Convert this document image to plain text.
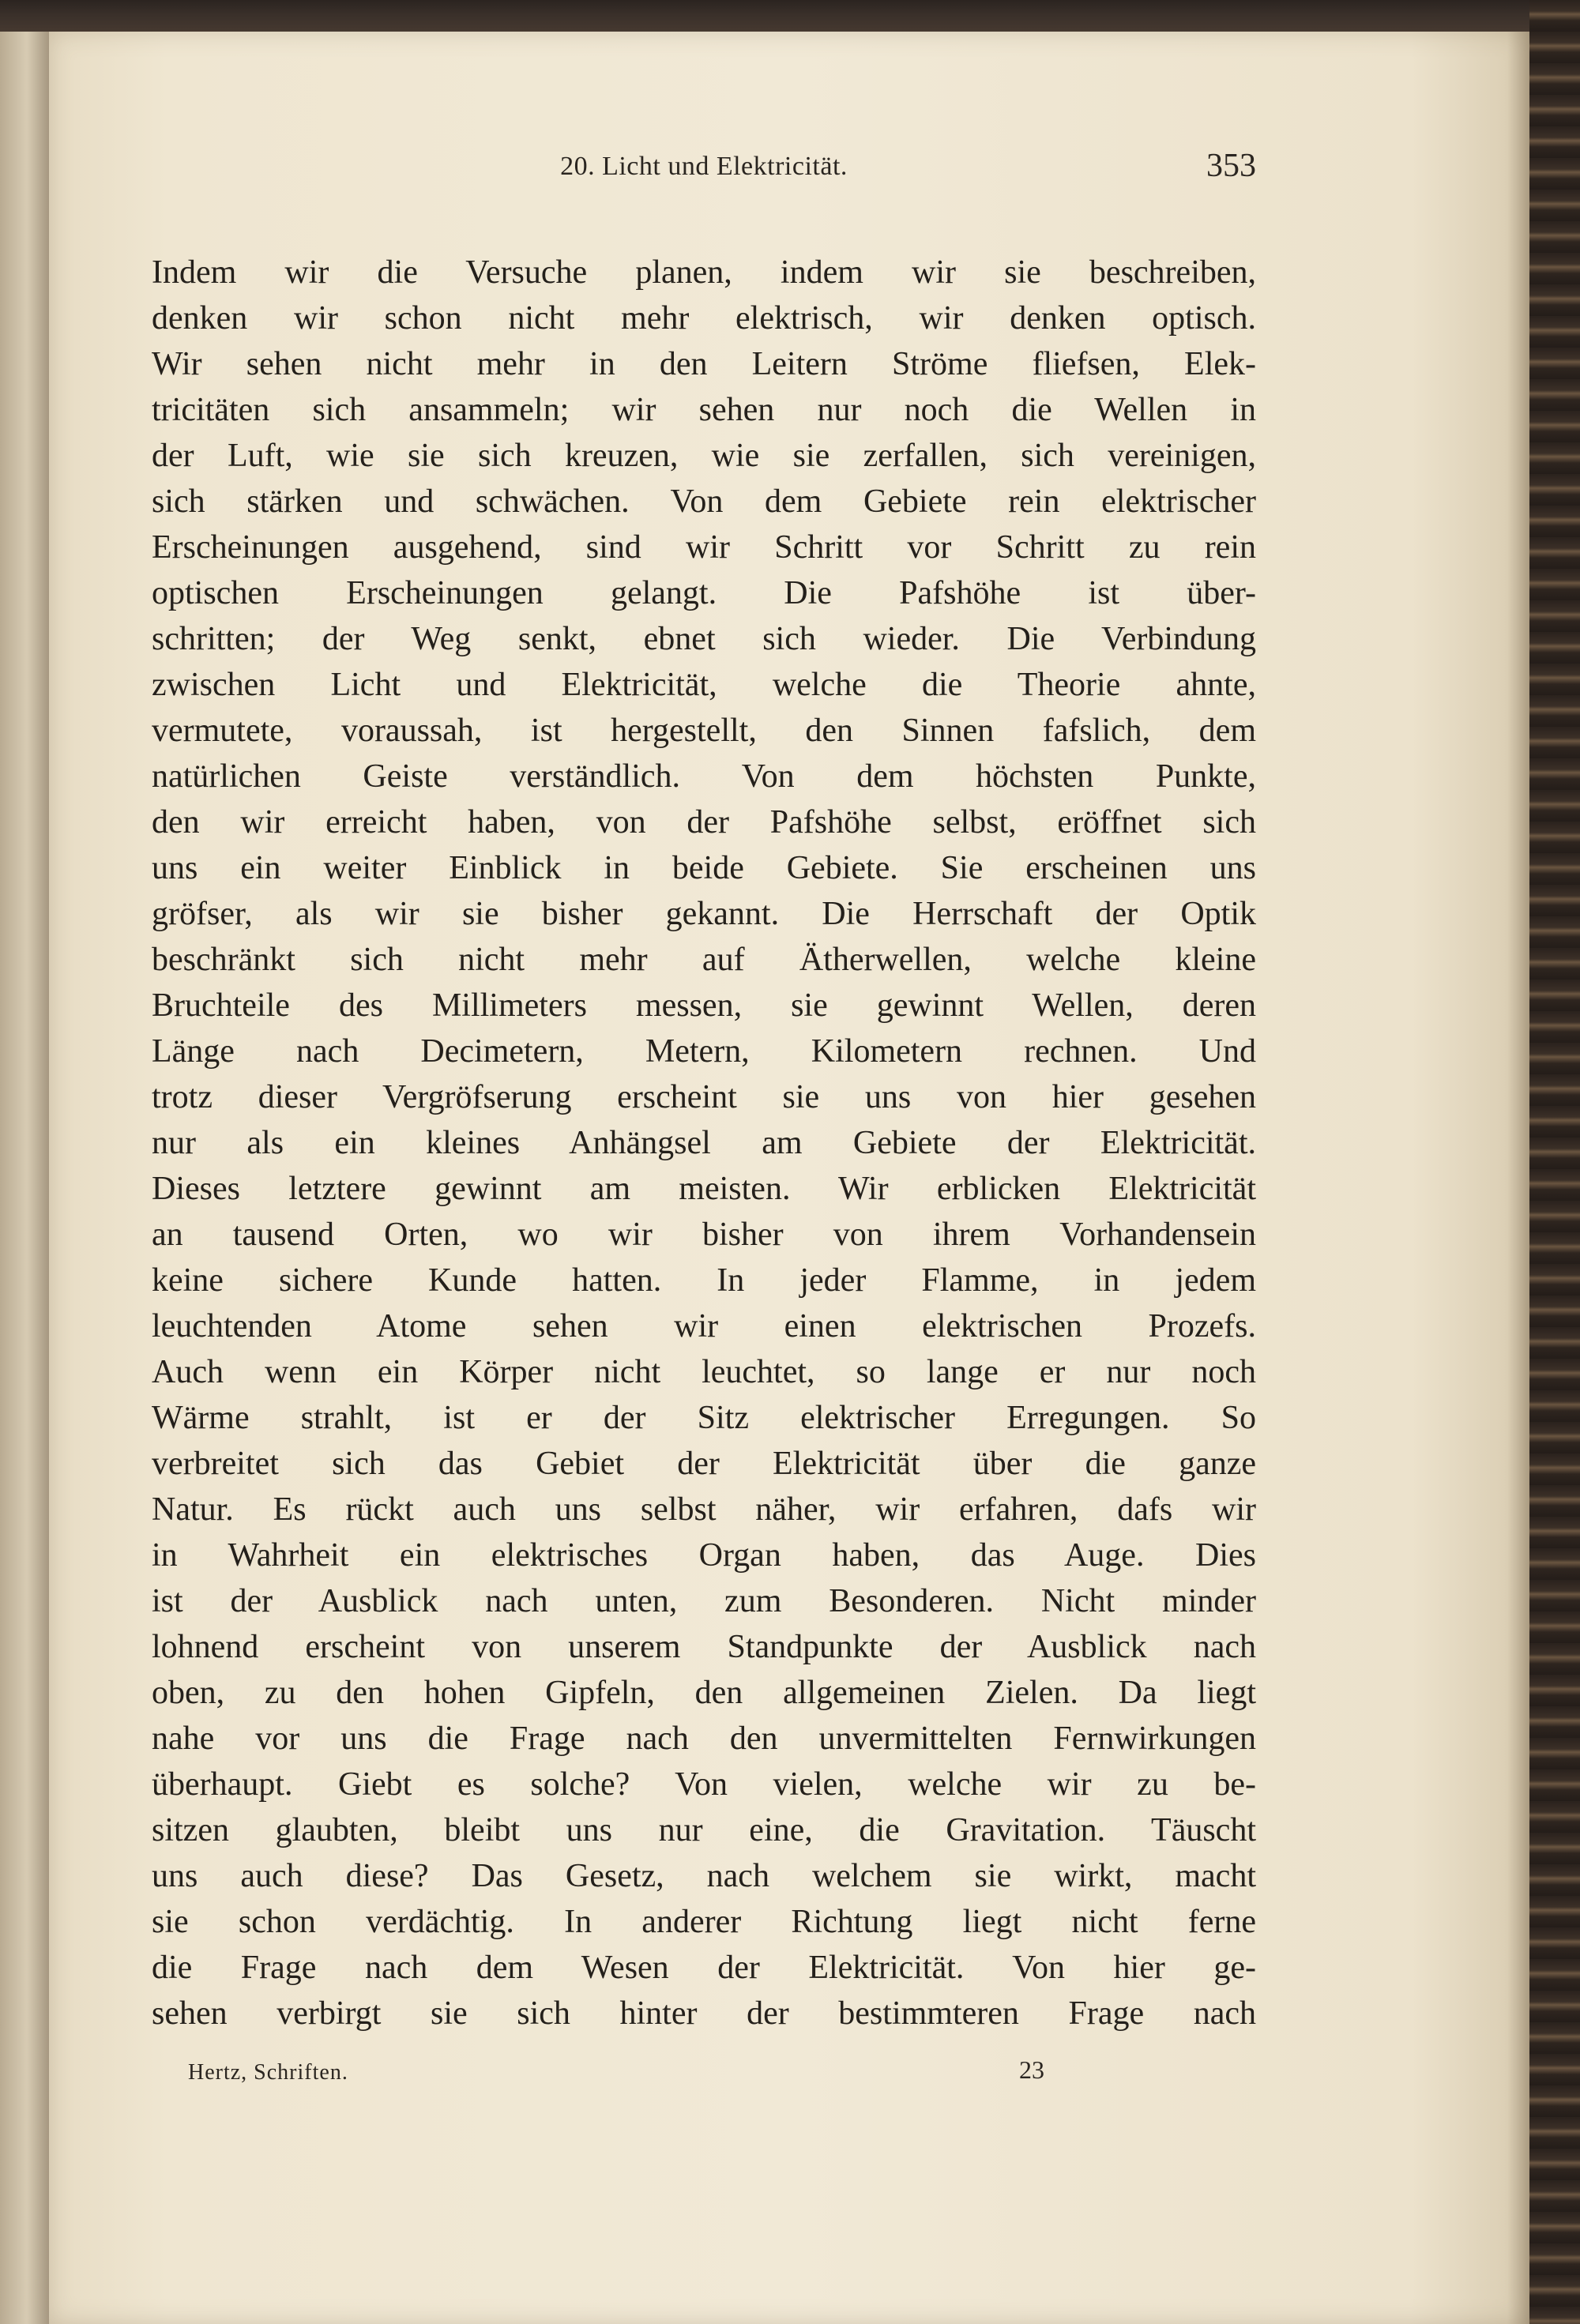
20. Licht und Elektricität.	353
Indem wir die Versuche planen, indem wir sie beschreiben,
denken wir schon nicht mehr elektrisch, wir denken optisch.
Wir sehen nicht mehr in den Leitern Ströme fliefsen, Elek-
tricitäten sich ansammeln; wir sehen nur noch die Wellen in
der Luft, wie sie sich kreuzen, wie sie zerfallen, sich vereinigen,
sich stärken und schwächen. Von dem Gebiete rein elektrischer
Erscheinungen ausgehend, sind wir Schritt vor Schritt zu rein
optischen Erscheinungen gelangt. Die Pafshöhe ist über-
schritten; der Weg senkt, ebnet sich wieder. Die Verbindung
zwischen Licht und Elektricität, welche die Theorie ahnte,
vermutete, voraussah, ist hergestellt, den Sinnen fafslich, dem
natürlichen Geiste verständlich. Von dem höchsten Punkte,
den wir erreicht haben, von der Pafshöhe selbst, eröffnet sich
uns ein weiter Einblick in beide Gebiete. Sie erscheinen uns
gröfser, als wir sie bisher gekannt. Die Herrschaft der Optik
beschränkt sich nicht mehr auf Ätherwellen, welche kleine
Bruchteile des Millimeters messen, sie gewinnt Wellen, deren
Länge nach Decimetern, Metern, Kilometern rechnen. Und
trotz dieser Vergröfserung erscheint sie uns von hier gesehen
nur als ein kleines Anhängsel am Gebiete der Elektricität.
Dieses letztere gewinnt am meisten. Wir erblicken Elektricität
an tausend Orten, wo wir bisher von ihrem Vorhandensein
keine sichere Kunde hatten. In jeder Flamme, in jedem
leuchtenden Atome sehen wir einen elektrischen Prozefs.
Auch wenn ein Körper nicht leuchtet, so lange er nur noch
Wärme strahlt, ist er der Sitz elektrischer Erregungen. So
verbreitet sich das Gebiet der Elektricität über die ganze
Natur. Es rückt auch uns selbst näher, wir erfahren, dafs wir
in Wahrheit ein elektrisches Organ haben, das Auge. Dies
ist der Ausblick nach unten, zum Besonderen. Nicht minder
lohnend erscheint von unserem Standpunkte der Ausblick nach
oben, zu den hohen Gipfeln, den allgemeinen Zielen. Da liegt
nahe vor uns die Frage nach den unvermittelten Fernwirkungen
überhaupt. Giebt es solche? Von vielen, welche wir zu be-
sitzen glaubten, bleibt uns nur eine, die Gravitation. Täuscht
uns auch diese? Das Gesetz, nach welchem sie wirkt, macht
sie schon verdächtig. In anderer Richtung liegt nicht ferne
die Frage nach dem Wesen der Elektricität. Von hier ge-
sehen verbirgt sie sich hinter der bestimmteren Frage nach
Hertz, Schriften.	23
